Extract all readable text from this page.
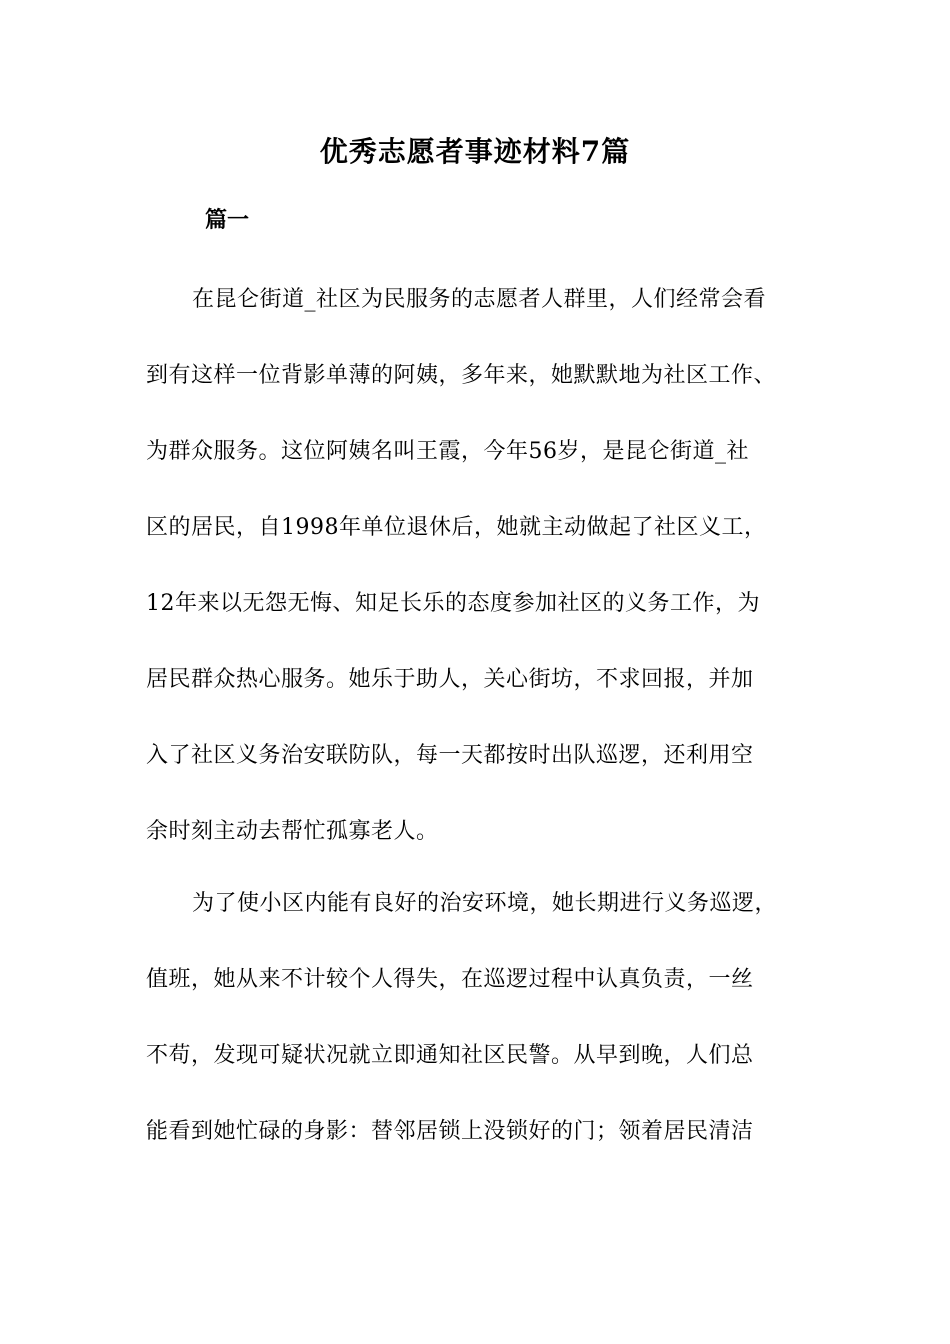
优秀志愿者事迹材料7篇
篇一

在昆仑街道_社区为民服务的志愿者人群里，人们经常会看
到有这样一位背影单薄的阿姨，多年来，她默默地为社区工作、
为群众服务。这位阿姨名叫王霞，今年56岁，是昆仑街道_社
区的居民，自1998年单位退休后，她就主动做起了社区义工，
12年来以无怨无悔、知足长乐的态度参加社区的义务工作，为
居民群众热心服务。她乐于助人，关心街坊，不求回报，并加
入了社区义务治安联防队，每一天都按时出队巡逻，还利用空
余时刻主动去帮忙孤寡老人。

为了使小区内能有良好的治安环境，她长期进行义务巡逻，
值班，她从来不计较个人得失，在巡逻过程中认真负责，一丝
不苟，发现可疑状况就立即通知社区民警。从早到晚，人们总
能看到她忙碌的身影：替邻居锁上没锁好的门；领着居民清洁
